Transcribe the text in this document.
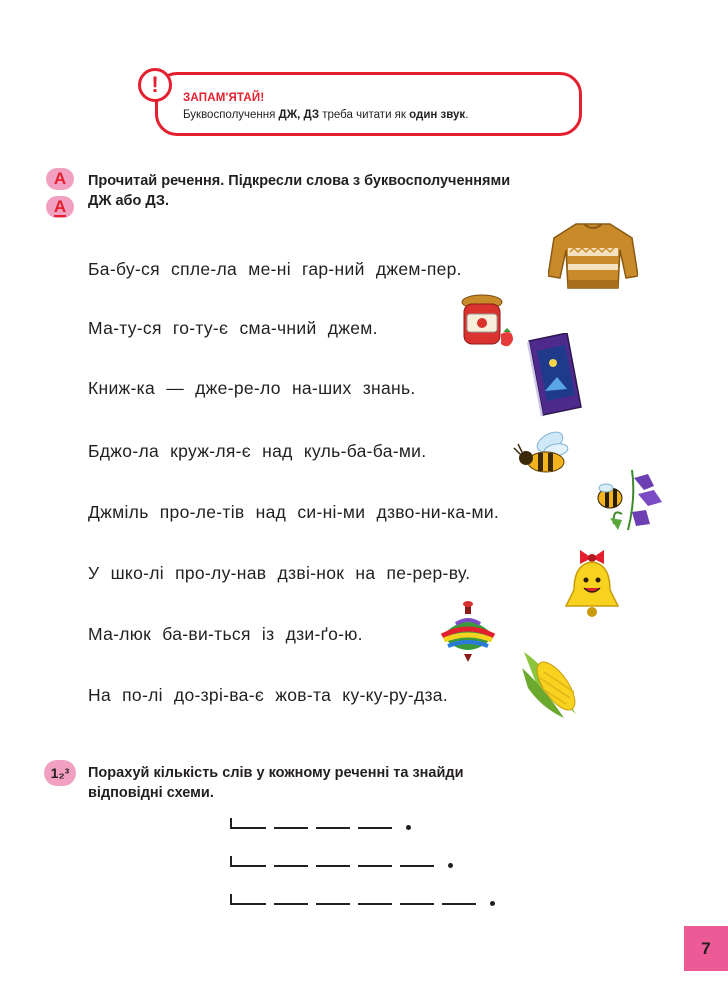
!
ЗАПАМ'ЯТАЙ!
Буквосполучення ДЖ, ДЗ треба читати як один звук.
А
А
Прочитай речення. Підкресли слова з буквосполученнями
ДЖ або ДЗ.
Ба-бу-ся спле-ла ме-ні гар-ний джем-пер.
Ма-ту-ся го-ту-є сма-чний джем.
Книж-ка — дже-ре-ло на-ших знань.
Бджо-ла круж-ля-є над куль-ба-ба-ми.
Джміль про-ле-тів над си-ні-ми дзво-ни-ка-ми.
У шко-лі про-лу-нав дзві-нок на пе-рер-ву.
Ма-люк ба-ви-ться із дзи-ґо-ю.
На по-лі до-зрі-ва-є жов-та ку-ку-ру-дза.
1₂³	Порахуй кількість слів у кожному реченні та знайди
відповідні схеми.
7
